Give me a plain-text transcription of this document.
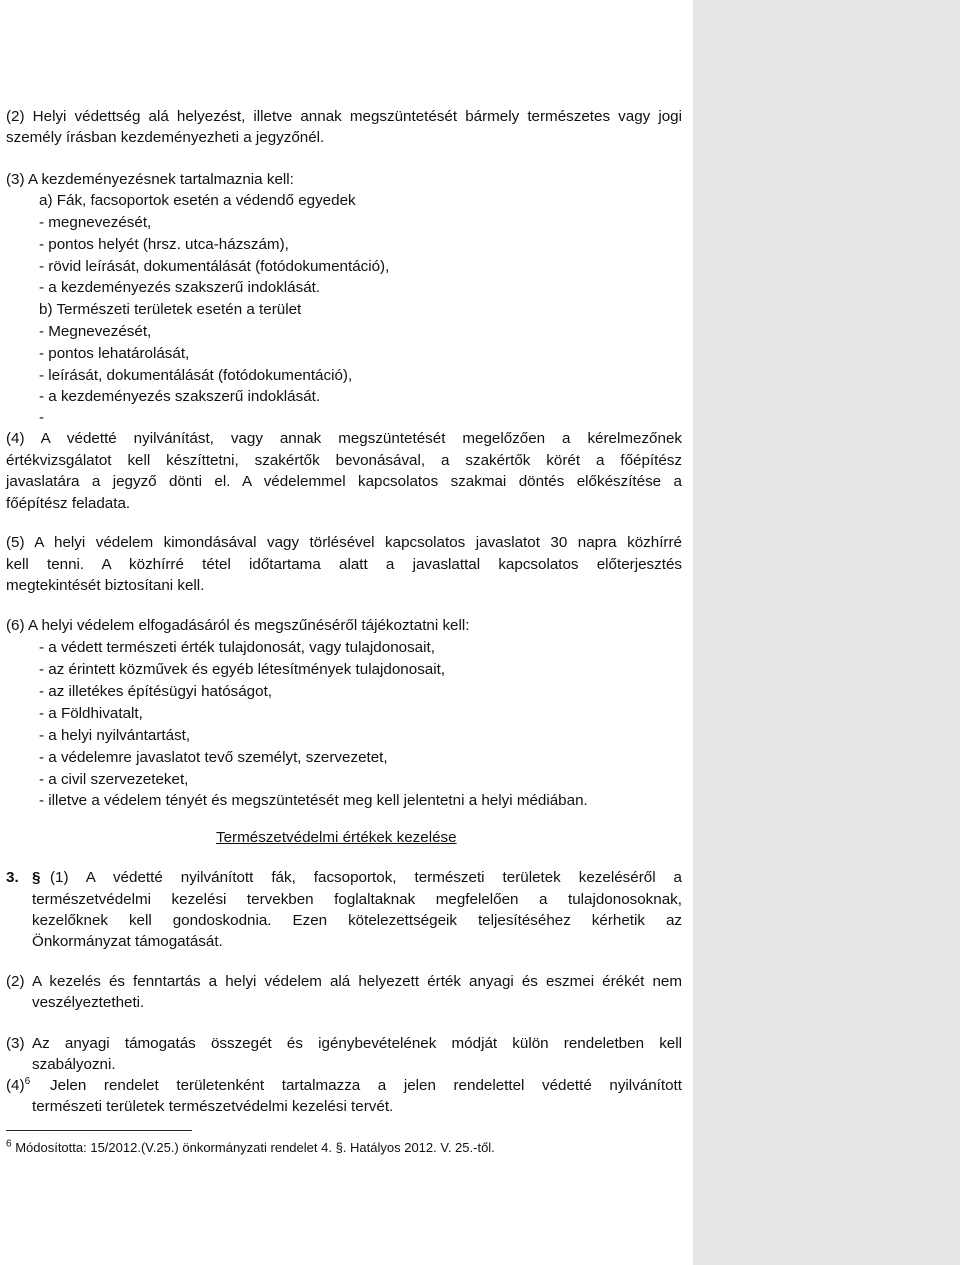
(2) Helyi védettség alá helyezést, illetve annak megszüntetését bármely természetes vagy jogi
személy írásban kezdeményezheti a jegyzőnél.
(3) A kezdeményezésnek tartalmaznia kell:
a) Fák, facsoportok esetén a védendő egyedek
- megnevezését,
- pontos helyét (hrsz. utca-házszám),
- rövid leírását, dokumentálását (fotódokumentáció),
- a kezdeményezés szakszerű indoklását.
b) Természeti területek esetén a terület
- Megnevezését,
- pontos lehatárolását,
- leírását, dokumentálását (fotódokumentáció),
- a kezdeményezés szakszerű indoklását.
-
(4) A védetté nyilvánítást, vagy annak megszüntetését megelőzően a kérelmezőnek
értékvizsgálatot kell készíttetni, szakértők bevonásával, a szakértők körét a főépítész
javaslatára a jegyző dönti el. A védelemmel kapcsolatos szakmai döntés előkészítése a
főépítész feladata.
(5) A helyi védelem kimondásával vagy törlésével kapcsolatos javaslatot 30 napra közhírré
kell tenni. A közhírré tétel időtartama alatt a javaslattal kapcsolatos előterjesztés
megtekintését biztosítani kell.
(6) A helyi védelem elfogadásáról és megszűnéséről tájékoztatni kell:
- a védett természeti érték tulajdonosát, vagy tulajdonosait,
- az érintett közművek és egyéb létesítmények tulajdonosait,
- az illetékes építésügyi hatóságot,
- a Földhivatalt,
- a helyi nyilvántartást,
- a védelemre javaslatot tevő személyt, szervezetet,
- a civil szervezeteket,
- illetve a védelem tényét és megszüntetését meg kell jelentetni a helyi médiában.
Természetvédelmi értékek kezelése
3. § (1) A védetté nyilvánított fák, facsoportok, természeti területek kezeléséről a
természetvédelmi kezelési tervekben foglaltaknak megfelelően a tulajdonosoknak,
kezelőknek kell gondoskodnia. Ezen kötelezettségeik teljesítéséhez kérhetik az
Önkormányzat támogatását.
(2) A kezelés és fenntartás a helyi védelem alá helyezett érték anyagi és eszmei érékét nem
veszélyeztetheti.
(3) Az anyagi támogatás összegét és igénybevételének módját külön rendeletben kell
szabályozni.
$(4)^6$ Jelen rendelet területenként tartalmazza a jelen rendelettel védetté nyilvánított
természeti területek természetvédelmi kezelési tervét.
$^6$ Módosította: 15/2012.(V.25.) önkormányzati rendelet 4. §. Hatályos 2012. V. 25.-től.
